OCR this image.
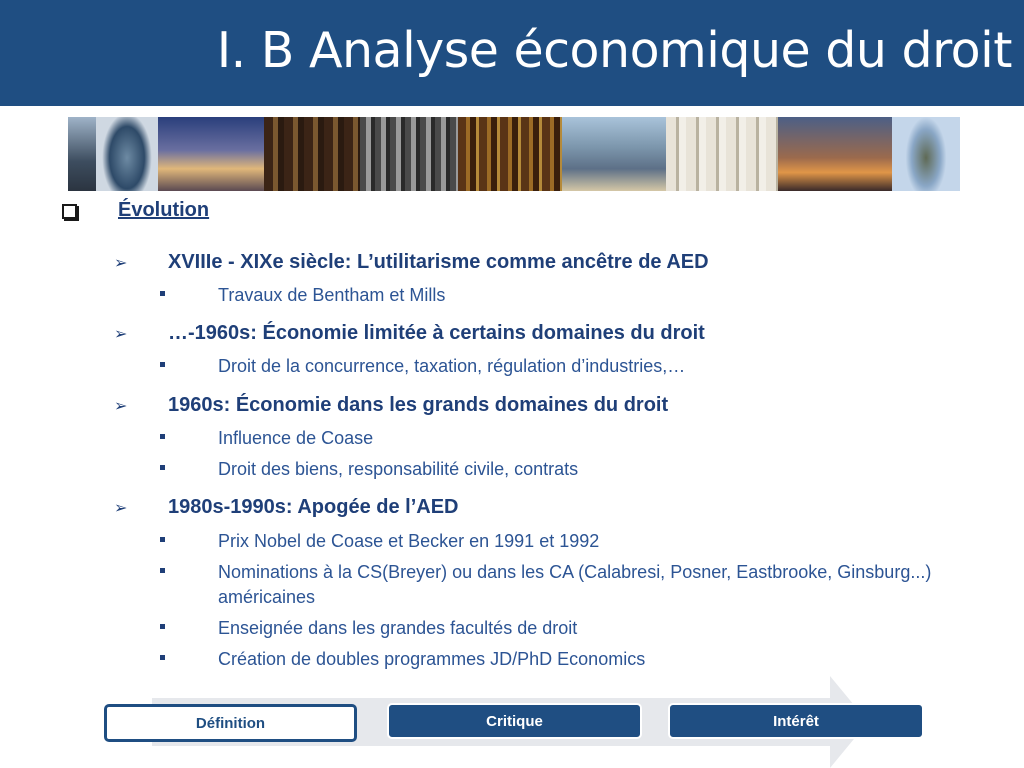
I. B Analyse économique du droit
Évolution
➢	XVIIIe - XIXe siècle: L’utilitarisme comme ancêtre de AED
Travaux de Bentham et Mills
➢	…-1960s: Économie limitée à certains domaines du droit
Droit de la concurrence, taxation, régulation d’industries,…
➢	1960s: Économie dans les grands domaines du droit
Influence de Coase
Droit des biens, responsabilité civile, contrats
➢	1980s-1990s: Apogée de l’AED
Prix Nobel de Coase et Becker en 1991 et 1992
Nominations à la CS(Breyer) ou dans les CA (Calabresi, Posner, Eastbrooke, Ginsburg...) américaines
Enseignée dans les grandes facultés de droit
Création de doubles programmes JD/PhD Economics
Définition	Critique	Intérêt
